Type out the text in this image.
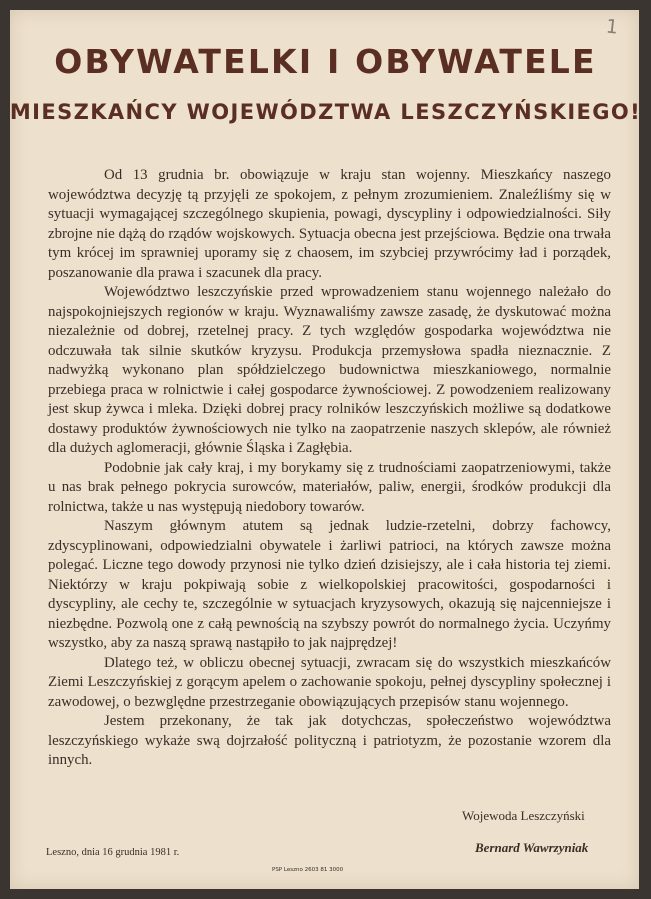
1
OBYWATELKI I OBYWATELE
MIESZKAŃCY WOJEWÓDZTWA LESZCZYŃSKIEGO!

Od 13 grudnia br. obowiązuje w kraju stan wojenny. Mieszkańcy naszego województwa decyzję tą przyjęli ze spokojem, z pełnym zrozumieniem. Znaleźliśmy się w sytuacji wymagającej szczególnego skupienia, powagi, dyscypliny i odpowiedzialności. Siły zbrojne nie dążą do rządów wojskowych. Sytuacja obecna jest przejściowa. Będzie ona trwała tym krócej im sprawniej uporamy się z chaosem, im szybciej przywrócimy ład i porządek, poszanowanie dla prawa i szacunek dla pracy.

Województwo leszczyńskie przed wprowadzeniem stanu wojennego należało do najspokojniejszych regionów w kraju. Wyznawaliśmy zawsze zasadę, że dyskutować można niezależnie od dobrej, rzetelnej pracy. Z tych względów gospodarka województwa nie odczuwała tak silnie skutków kryzysu. Produkcja przemysłowa spadła nieznacznie. Z nadwyżką wykonano plan spółdzielczego budownictwa mieszkaniowego, normalnie przebiega praca w rolnictwie i całej gospodarce żywnościowej. Z powodzeniem realizowany jest skup żywca i mleka. Dzięki dobrej pracy rolników leszczyńskich możliwe są dodatkowe dostawy produktów żywnościowych nie tylko na zaopatrzenie naszych sklepów, ale również dla dużych aglomeracji, głównie Śląska i Zagłębia.

Podobnie jak cały kraj, i my borykamy się z trudnościami zaopatrzeniowymi, także u nas brak pełnego pokrycia surowców, materiałów, paliw, energii, środków produkcji dla rolnictwa, także u nas występują niedobory towarów.

Naszym głównym atutem są jednak ludzie-rzetelni, dobrzy fachowcy, zdyscyplinowani, odpowiedzialni obywatele i żarliwi patrioci, na których zawsze można polegać. Liczne tego dowody przynosi nie tylko dzień dzisiejszy, ale i cała historia tej ziemi. Niektórzy w kraju pokpiwają sobie z wielkopolskiej pracowitości, gospodarności i dyscypliny, ale cechy te, szczególnie w sytuacjach kryzysowych, okazują się najcenniejsze i niezbędne. Pozwolą one z całą pewnością na szybszy powrót do normalnego życia. Uczyńmy wszystko, aby za naszą sprawą nastąpiło to jak najprędzej!

Dlatego też, w obliczu obecnej sytuacji, zwracam się do wszystkich mieszkańców Ziemi Leszczyńskiej z gorącym apelem o zachowanie spokoju, pełnej dyscypliny społecznej i zawodowej, o bezwględne przestrzeganie obowiązujących przepisów stanu wojennego.

Jestem przekonany, że tak jak dotychczas, społeczeństwo województwa leszczyńskiego wykaże swą dojrzałość polityczną i patriotyzm, że pozostanie wzorem dla innych.

Wojewoda Leszczyński
Bernard Wawrzyniak
Leszno, dnia 16 grudnia 1981 r.
PSP Leszno 2603 81 3000
